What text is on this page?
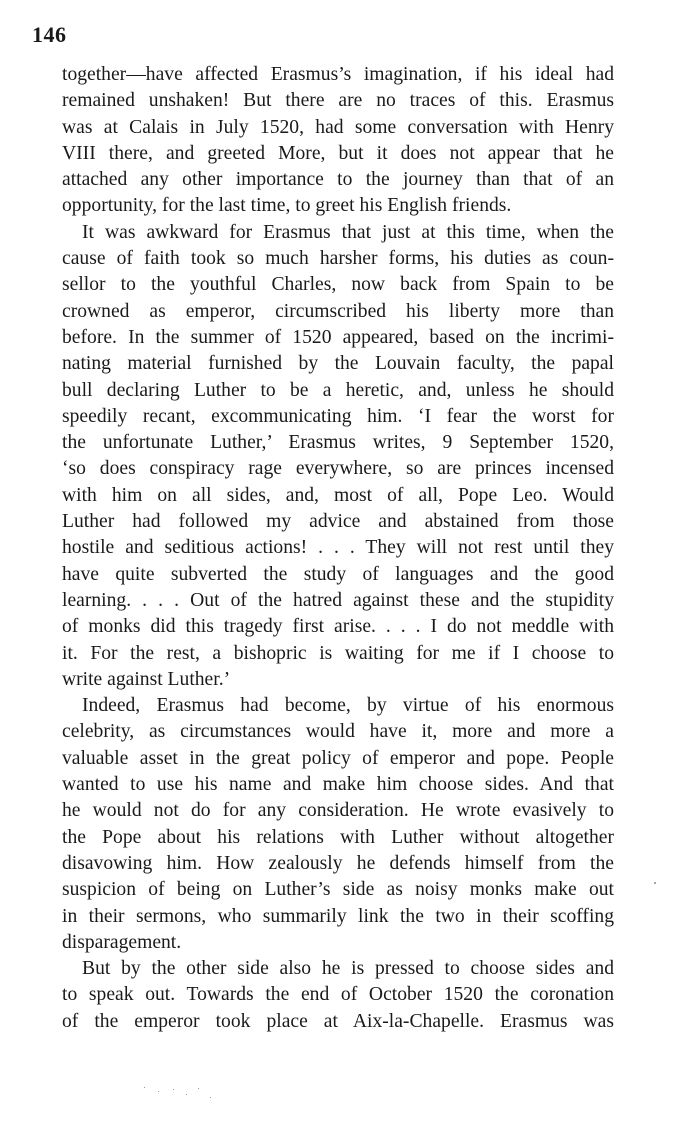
146
together—have affected Erasmus’s imagination, if his ideal had
remained unshaken! But there are no traces of this. Erasmus
was at Calais in July 1520, had some conversation with Henry
VIII there, and greeted More, but it does not appear that he
attached any other importance to the journey than that of an
opportunity, for the last time, to greet his English friends.
It was awkward for Erasmus that just at this time, when the
cause of faith took so much harsher forms, his duties as coun-
sellor to the youthful Charles, now back from Spain to be
crowned as emperor, circumscribed his liberty more than
before. In the summer of 1520 appeared, based on the incrimi-
nating material furnished by the Louvain faculty, the papal
bull declaring Luther to be a heretic, and, unless he should
speedily recant, excommunicating him. ‘I fear the worst for
the unfortunate Luther,’ Erasmus writes, 9 September 1520,
‘so does conspiracy rage everywhere, so are princes incensed
with him on all sides, and, most of all, Pope Leo. Would
Luther had followed my advice and abstained from those
hostile and seditious actions! . . . They will not rest until they
have quite subverted the study of languages and the good
learning. . . . Out of the hatred against these and the stupidity
of monks did this tragedy first arise. . . . I do not meddle with
it. For the rest, a bishopric is waiting for me if I choose to
write against Luther.’
Indeed, Erasmus had become, by virtue of his enormous
celebrity, as circumstances would have it, more and more a
valuable asset in the great policy of emperor and pope. People
wanted to use his name and make him choose sides. And that
he would not do for any consideration. He wrote evasively to
the Pope about his relations with Luther without altogether
disavowing him. How zealously he defends himself from the
suspicion of being on Luther’s side as noisy monks make out
in their sermons, who summarily link the two in their scoffing
disparagement.
But by the other side also he is pressed to choose sides and
to speak out. Towards the end of October 1520 the coronation
of the emperor took place at Aix-la-Chapelle. Erasmus was
